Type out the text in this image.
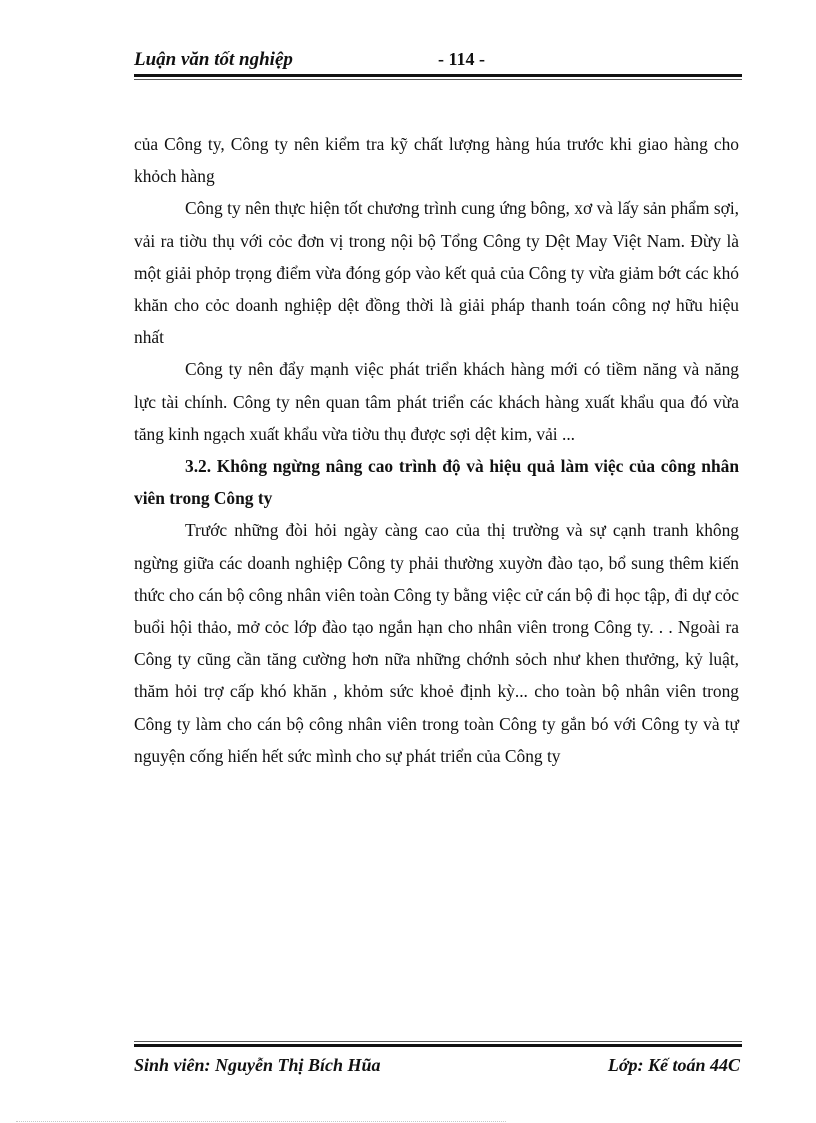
Luận văn tốt nghiệp	- 114 -

của Công ty, Công ty nên kiểm tra kỹ chất lượng hàng húa trước khi giao hàng cho khỏch hàng

Công ty nên thực hiện tốt chương trình cung ứng bông, xơ và lấy sản phẩm sợi, vải ra tiờu thụ với cỏc đơn vị trong nội bộ Tổng Công ty Dệt May Việt Nam. Đừy là một giải phỏp trọng điểm vừa đóng góp vào kết quả của Công ty vừa giảm bớt các khó khăn cho cỏc doanh nghiệp dệt đồng thời là giải pháp thanh toán công nợ hữu hiệu nhất

Công ty nên đẩy mạnh việc phát triển khách hàng mới có tiềm năng và năng lực tài chính. Công ty nên quan tâm phát triển các khách hàng xuất khẩu qua đó vừa tăng kinh ngạch xuất khẩu vừa tiờu thụ được sợi dệt kim, vải ...

3.2. Không ngừng nâng cao trình độ và hiệu quả làm việc của công nhân viên trong Công ty

Trước những đòi hỏi ngày càng cao của thị trường và sự cạnh tranh không ngừng giữa các doanh nghiệp Công ty phải thường xuyờn đào tạo, bổ sung thêm kiến thức cho cán bộ công nhân viên toàn Công ty bằng việc cử cán bộ đi học tập, đi dự cỏc buổi hội thảo, mở cỏc lớp đào tạo ngắn hạn cho nhân viên trong Công ty. . . Ngoài ra Công ty cũng cần tăng cường hơn nữa những chớnh sỏch như khen thưởng, kỷ luật, thăm hỏi trợ cấp khó khăn , khỏm sức khoẻ định kỳ... cho toàn bộ nhân viên trong Công ty làm cho cán bộ công nhân viên trong toàn Công ty gắn bó với Công ty và tự nguyện cống hiến hết sức mình cho sự phát triển của Công ty

Sinh viên: Nguyễn Thị Bích Hũa	Lớp: Kế toán 44C
